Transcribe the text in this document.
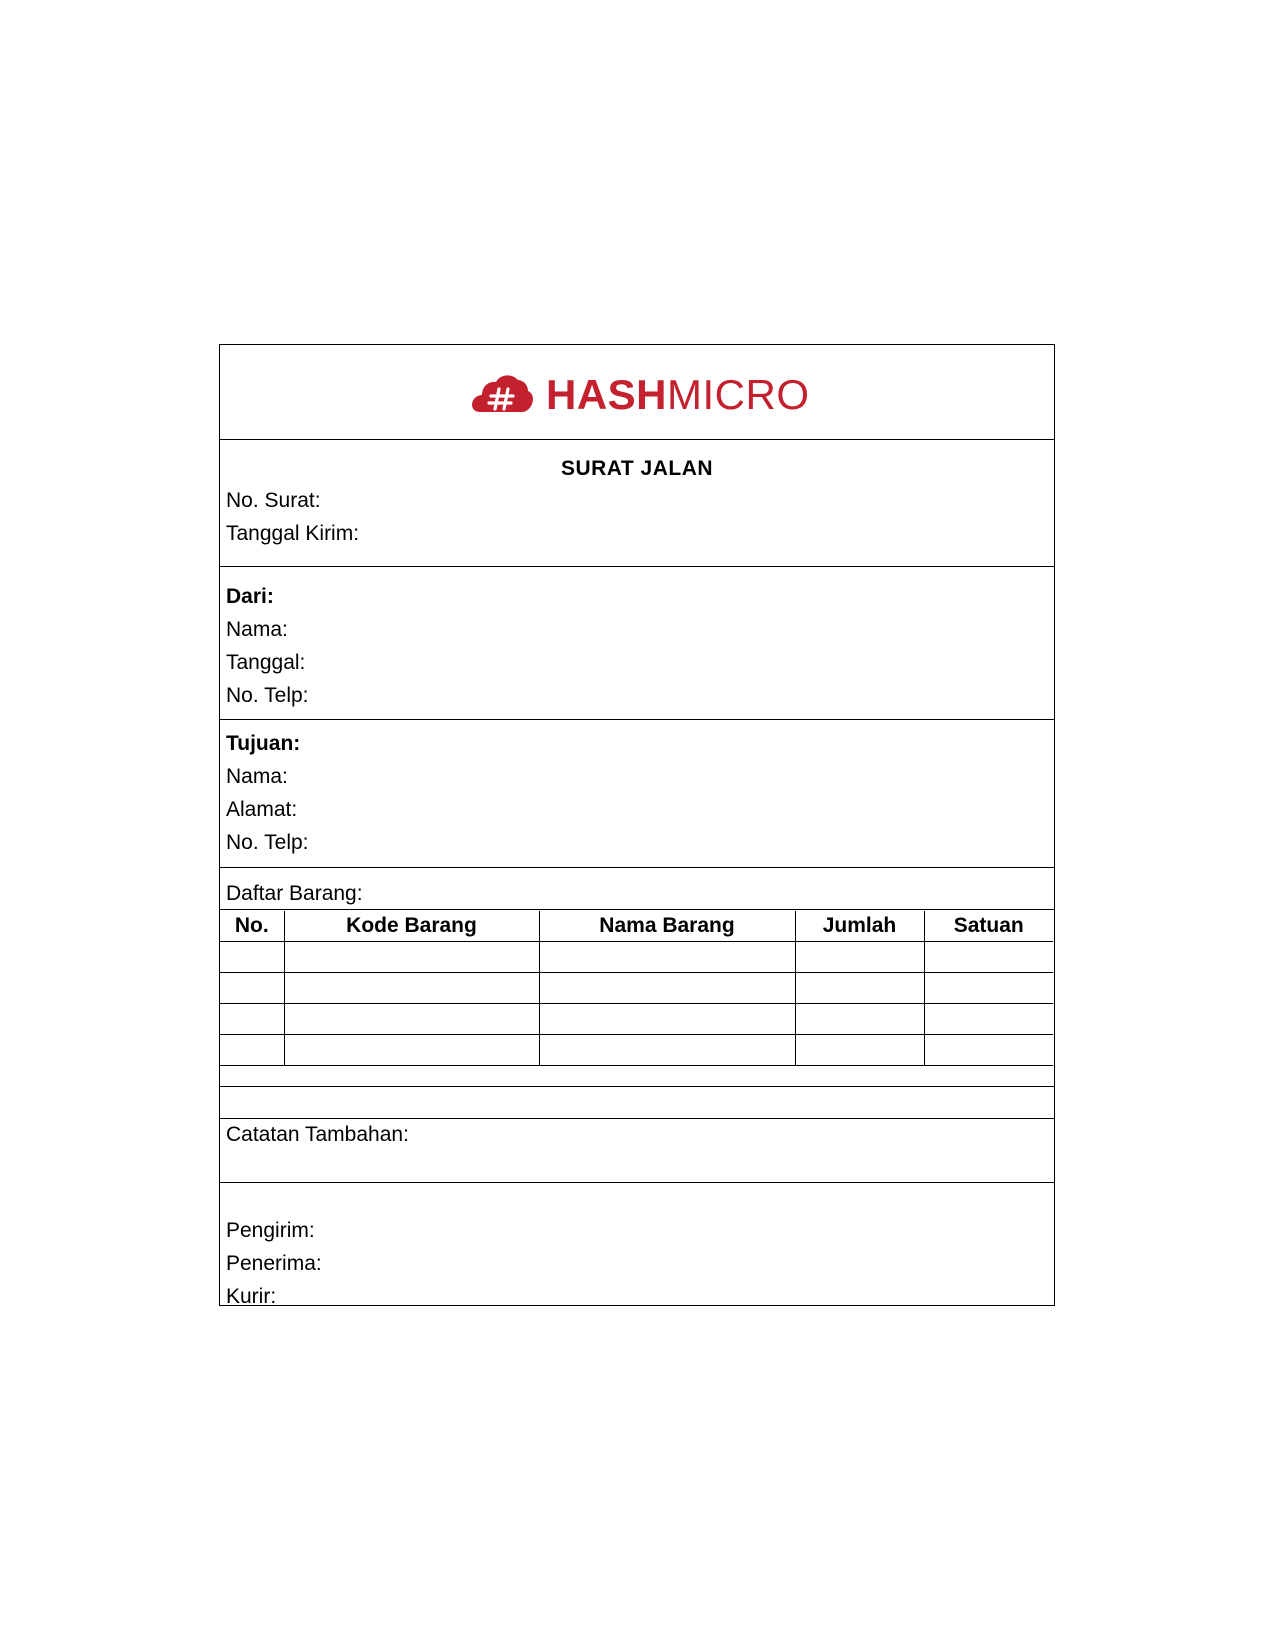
HASHMICRO
SURAT JALAN
No. Surat:
Tanggal Kirim:
Dari:
Nama:
Tanggal:
No. Telp:
Tujuan:
Nama:
Alamat:
No. Telp:
Daftar Barang:
No.	Kode Barang	Nama Barang	Jumlah	Satuan

Catatan Tambahan:
Pengirim:
Penerima:
Kurir:
